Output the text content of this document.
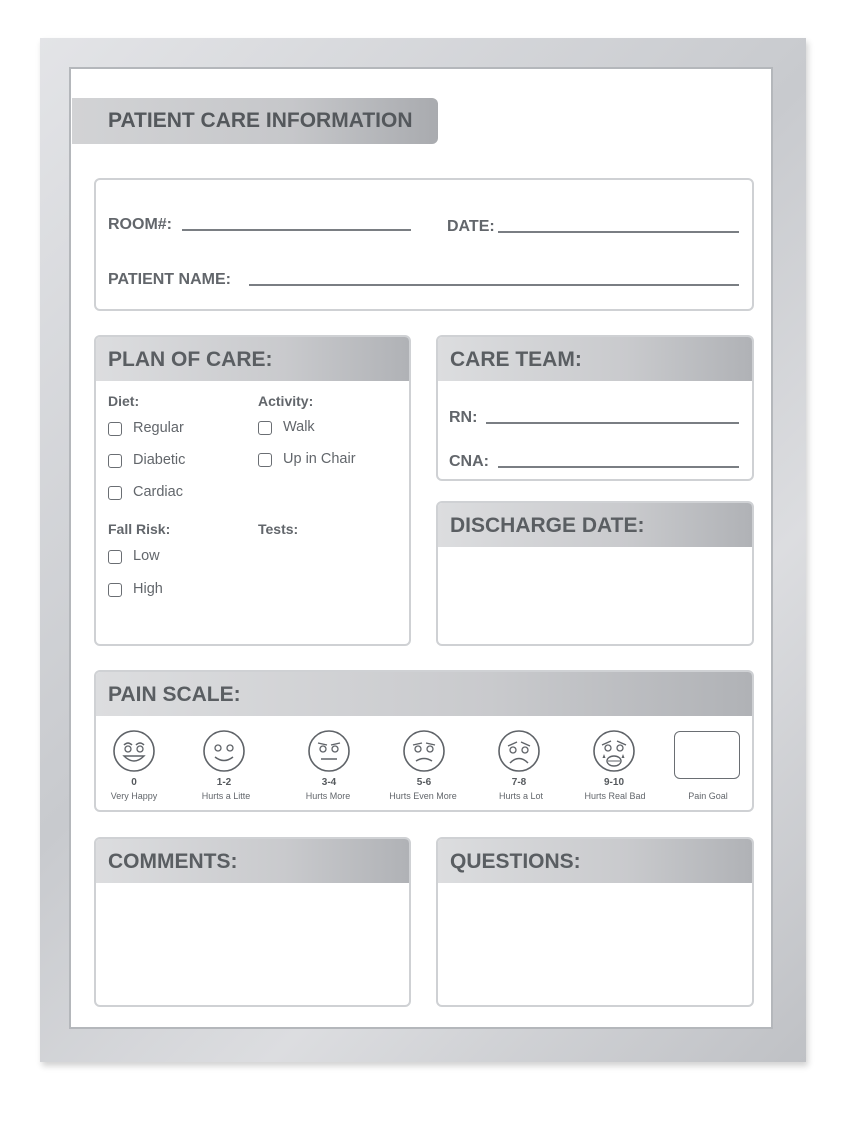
PATIENT CARE INFORMATION
ROOM#:	DATE:
PATIENT NAME:
PLAN OF CARE:
Diet:
Regular
Diabetic
Cardiac
Activity:
Walk
Up in Chair
Fall Risk:
Low
High
Tests:
CARE TEAM:
RN:
CNA:
DISCHARGE DATE:
PAIN SCALE:
0
Very Happy
1-2
Hurts a Litte
3-4
Hurts More
5-6
Hurts Even More
7-8
Hurts a Lot
9-10
Hurts Real Bad	Pain Goal
COMMENTS:	QUESTIONS:
